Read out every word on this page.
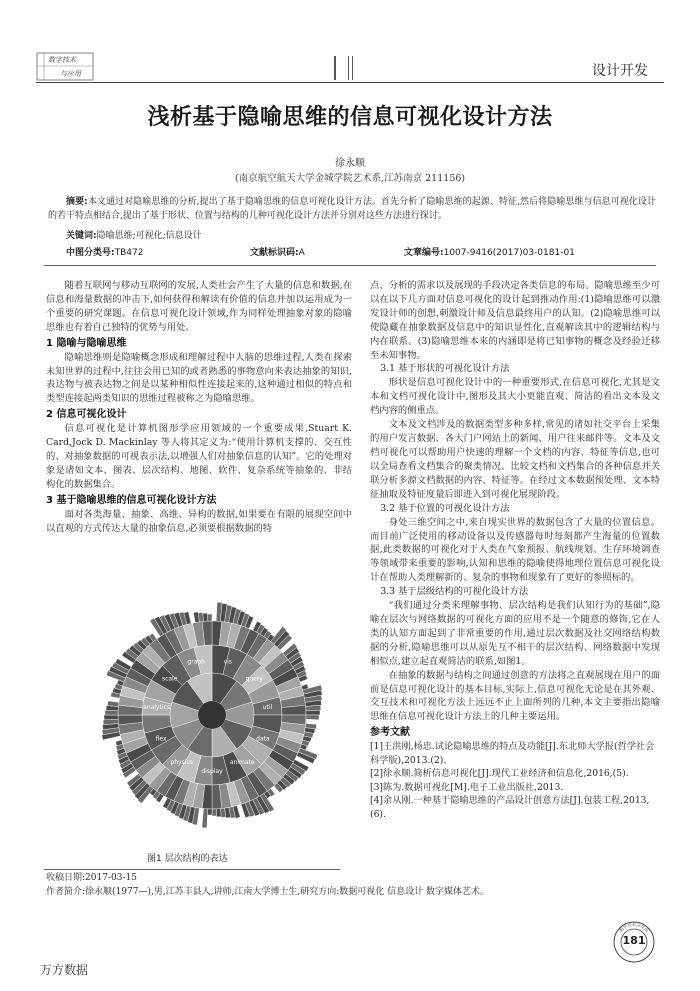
数字技术
与应用	设计开发
浅析基于隐喻思维的信息可视化设计方法
徐永顺
(南京航空航天大学金城学院艺术系,江苏南京 211156)
摘要:本文通过对隐喻思维的分析,提出了基于隐喻思维的信息可视化设计方法。首先分析了隐喻思维的起源、特征,然后将隐喻思维与信息可视化设计的若干特点相结合,提出了基于形状、位置与结构的几种可视化设计方法并分别对这些方法进行探讨。
关键词:隐喻思维;可视化;信息设计
中图分类号:TB472	文献标识码:A	文章编号:1007-9416(2017)03-0181-01
随着互联网与移动互联网的发展,人类社会产生了大量的信息和数据,在信息和海量数据的冲击下,如何获得和解读有价值的信息并加以运用成为一个重要的研究课题。在信息可视化设计领域,作为同样处理抽象对象的隐喻思维也有着自己独特的优势与用处。
1 隐喻与隐喻思维
隐喻思维则是隐喻概念形成和理解过程中人脑的思维过程,人类在探索未知世界的过程中,往往会用已知的或者熟悉的事物意向来表达抽象的知识,表达物与被表达物之间是以某种相似性连接起来的,这种通过相似的特点和类型连接起两类知识的思维过程被称之为隐喻思维。
2 信息可视化设计
信息可视化是计算机图形学应用领域的一个重要成果,Stuart K. Card,Jock D. Mackinlay 等人将其定义为:“使用计算机支撑的、交互性的、对抽象数据的可视表示法,以增强人们对抽象信息的认知”。它的处理对象是诸如文本、图表、层次结构、地图、软件、复杂系统等抽象的、非结构化的数据集合。
3 基于隐喻思维的信息可视化设计方法
面对各类海量、抽象、高维、异构的数据,如果要在有限的展现空间中以直观的方式传达大量的抽象信息,必须要根据数据的特
vis
query
util
data
animate
display
physics
flex
analytics
scale
graph
图1 层次结构的表达
点、分析的需求以及展现的手段决定各类信息的布局。隐喻思维至少可以在以下几方面对信息可视化的设计起到推动作用:(1)隐喻思维可以激发设计师的创想,刺激设计师及信息最终用户的认知。(2)隐喻思维可以使隐藏在抽象数据及信息中的知识显性化,直观解读其中的逻辑结构与内在联系。(3)隐喻思维本来的内涵即是将已知事物的概念及经验迁移至未知事物。
3.1 基于形状的可视化设计方法
形状是信息可视化设计中的一种重要形式,在信息可视化,尤其是文本和文档可视化设计中,图形及其大小更能直观、简洁的看出文本及文档内容的侧重点。
文本及文档涉及的数据类型多种多样,常见的诸如社交平台上采集的用户发言数据、各大门户网站上的新闻、用户往来邮件等。文本及文档可视化可以帮助用户快速的理解一个文档的内容、特征等信息,也可以全局查看文档集合的聚类情况、比较文档和文档集合的各种信息并关联分析多源文档数据的内容、特征等。在经过文本数据预处理、文本特征抽取及特征度量后即进入到可视化展现阶段。
3.2 基于位置的可视化设计方法
身处三维空间之中,来自现实世界的数据包含了大量的位置信息。而目前广泛使用的移动设备以及传感器每时每刻都产生海量的位置数据,此类数据的可视化对于人类在气象预报、航线规划、生存环境调查等领域带来重要的影响,认知和思维的隐喻使得地理位置信息可视化设计在帮助人类理解新的、复杂的事物和现象有了更好的参照标的。
3.3 基于层级结构的可视化设计方法
“我们通过分类来理解事物、层次结构是我们认知行为的基础”,隐喻在层次与网络数据的可视化方面的应用不是一个随意的修饰,它在人类的认知方面起到了非常重要的作用,通过层次数据及社交网络结构数据的分析,隐喻思维可以从原先互不相干的层次结构、网络数据中发现相似点,建立起直观简洁的联系,如图1。
在抽象的数据与结构之间通过创意的方法将之直观展现在用户的面前是信息可视化设计的基本目标,实际上,信息可视化无论是在其外观、交互技术和可视化方法上远远不止上面所列的几种,本文主要指出隐喻思维在信息可视化设计方法上的几种主要运用。
参考文献
[1]王洪刚,杨忠.试论隐喻思维的特点及功能[J].东北师大学报(哲学社会科学版),2013.(2).
[2]徐永顺.简析信息可视化[J].现代工业经济和信息化,2016,(5).
[3]陈为.数据可视化[M].电子工业出版社,2013.
[4]余从刚.一种基于隐喻思维的产品设计创意方法[J].包装工程,2013,(6).
收稿日期:2017-03-15
作者简介:徐永顺(1977—),男,江苏丰县人,讲师,江南大学博士生,研究方向:数据可视化 信息设计 数字媒体艺术。
数字技术与应用
181
万方数据
